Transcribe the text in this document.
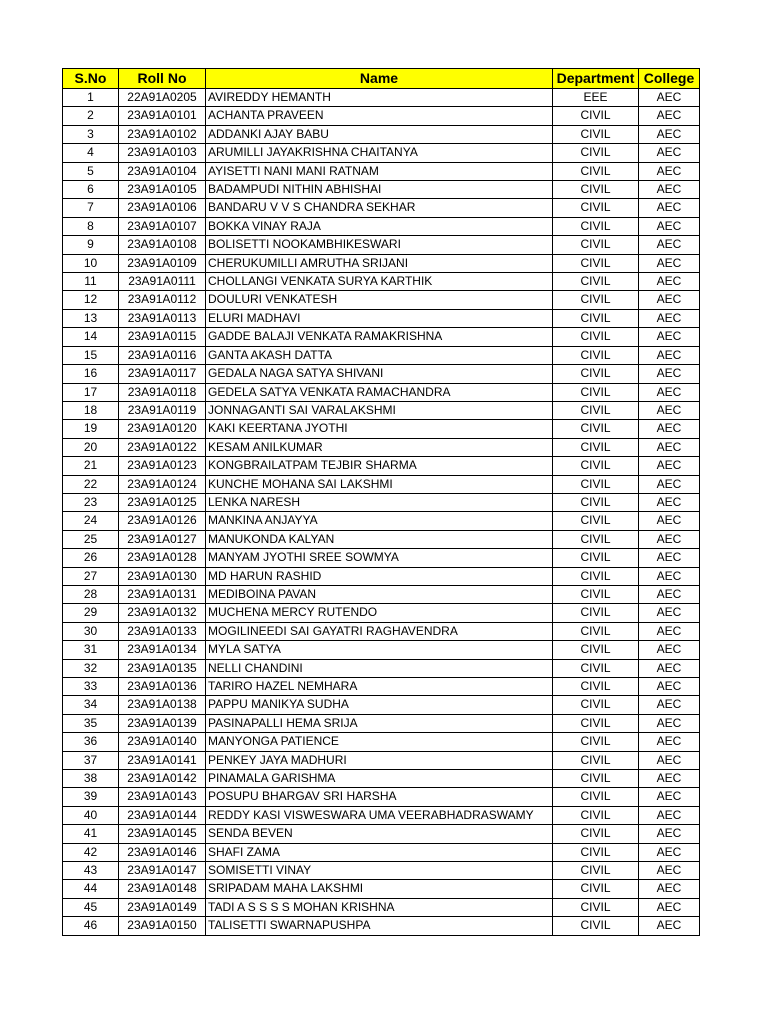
S.No	Roll No	Name	Department	College
1	22A91A0205	AVIREDDY HEMANTH	EEE	AEC
2	23A91A0101	ACHANTA PRAVEEN	CIVIL	AEC
3	23A91A0102	ADDANKI AJAY BABU	CIVIL	AEC
4	23A91A0103	ARUMILLI JAYAKRISHNA CHAITANYA	CIVIL	AEC
5	23A91A0104	AYISETTI NANI MANI RATNAM	CIVIL	AEC
6	23A91A0105	BADAMPUDI NITHIN ABHISHAI	CIVIL	AEC
7	23A91A0106	BANDARU V V S CHANDRA SEKHAR	CIVIL	AEC
8	23A91A0107	BOKKA VINAY RAJA	CIVIL	AEC
9	23A91A0108	BOLISETTI NOOKAMBHIKESWARI	CIVIL	AEC
10	23A91A0109	CHERUKUMILLI AMRUTHA SRIJANI	CIVIL	AEC
11	23A91A0111	CHOLLANGI VENKATA SURYA KARTHIK	CIVIL	AEC
12	23A91A0112	DOULURI VENKATESH	CIVIL	AEC
13	23A91A0113	ELURI MADHAVI	CIVIL	AEC
14	23A91A0115	GADDE BALAJI VENKATA RAMAKRISHNA	CIVIL	AEC
15	23A91A0116	GANTA AKASH DATTA	CIVIL	AEC
16	23A91A0117	GEDALA NAGA SATYA SHIVANI	CIVIL	AEC
17	23A91A0118	GEDELA SATYA VENKATA RAMACHANDRA	CIVIL	AEC
18	23A91A0119	JONNAGANTI SAI VARALAKSHMI	CIVIL	AEC
19	23A91A0120	KAKI KEERTANA JYOTHI	CIVIL	AEC
20	23A91A0122	KESAM ANILKUMAR	CIVIL	AEC
21	23A91A0123	KONGBRAILATPAM TEJBIR SHARMA	CIVIL	AEC
22	23A91A0124	KUNCHE MOHANA SAI LAKSHMI	CIVIL	AEC
23	23A91A0125	LENKA NARESH	CIVIL	AEC
24	23A91A0126	MANKINA ANJAYYA	CIVIL	AEC
25	23A91A0127	MANUKONDA KALYAN	CIVIL	AEC
26	23A91A0128	MANYAM JYOTHI SREE SOWMYA	CIVIL	AEC
27	23A91A0130	MD HARUN RASHID	CIVIL	AEC
28	23A91A0131	MEDIBOINA PAVAN	CIVIL	AEC
29	23A91A0132	MUCHENA MERCY RUTENDO	CIVIL	AEC
30	23A91A0133	MOGILINEEDI SAI GAYATRI RAGHAVENDRA	CIVIL	AEC
31	23A91A0134	MYLA SATYA	CIVIL	AEC
32	23A91A0135	NELLI CHANDINI	CIVIL	AEC
33	23A91A0136	TARIRO HAZEL NEMHARA	CIVIL	AEC
34	23A91A0138	PAPPU MANIKYA SUDHA	CIVIL	AEC
35	23A91A0139	PASINAPALLI HEMA SRIJA	CIVIL	AEC
36	23A91A0140	MANYONGA PATIENCE	CIVIL	AEC
37	23A91A0141	PENKEY JAYA MADHURI	CIVIL	AEC
38	23A91A0142	PINAMALA GARISHMA	CIVIL	AEC
39	23A91A0143	POSUPU BHARGAV SRI HARSHA	CIVIL	AEC
40	23A91A0144	REDDY KASI VISWESWARA UMA VEERABHADRASWAMY	CIVIL	AEC
41	23A91A0145	SENDA BEVEN	CIVIL	AEC
42	23A91A0146	SHAFI ZAMA	CIVIL	AEC
43	23A91A0147	SOMISETTI VINAY	CIVIL	AEC
44	23A91A0148	SRIPADAM MAHA LAKSHMI	CIVIL	AEC
45	23A91A0149	TADI A S S S S MOHAN KRISHNA	CIVIL	AEC
46	23A91A0150	TALISETTI SWARNAPUSHPA	CIVIL	AEC
